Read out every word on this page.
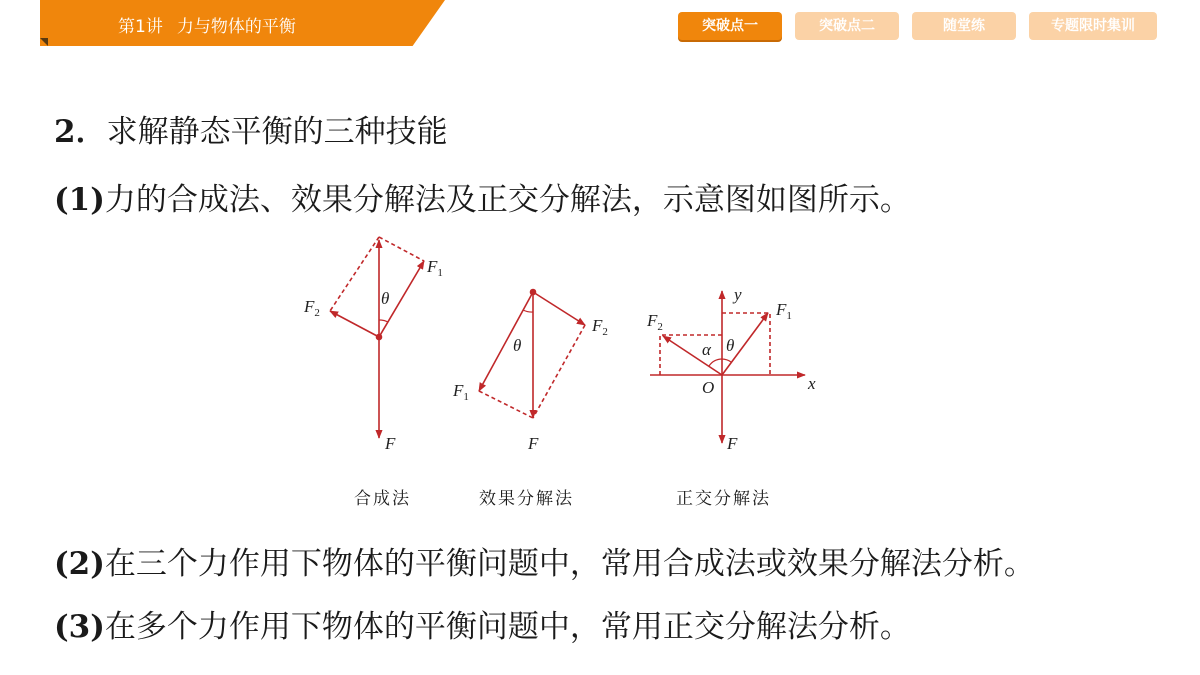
第1讲 力与物体的平衡	突破点一	突破点二	随堂练	专题限时集训
2．求解静态平衡的三种技能
(1)力的合成法、效果分解法及正交分解法，示意图如图所示。
$F_1$
$F_2$
θ
F
$F_2$
$F_1$
θ
F
$F_1$
$F_2$
y
x
O
θ
α
F
合成法	效果分解法	正交分解法
(2)在三个力作用下物体的平衡问题中，常用合成法或效果分解法分析。
(3)在多个力作用下物体的平衡问题中，常用正交分解法分析。
